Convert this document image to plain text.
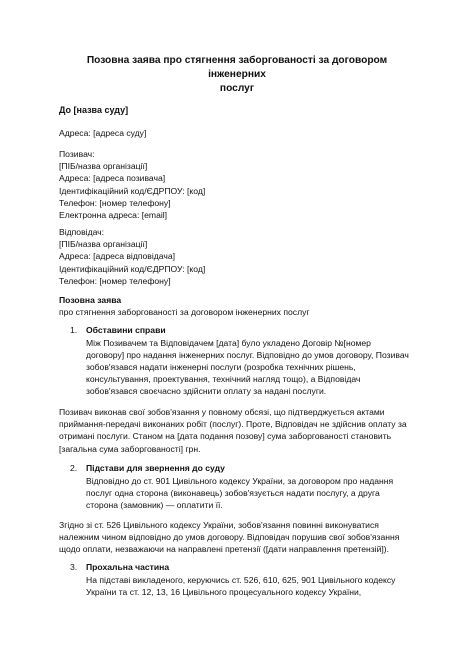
Позовна заява про стягнення заборгованості за договором інженерних
послуг
До [назва суду]
Адреса: [адреса суду]
Позивач:
[ПІБ/назва організації]
Адреса: [адреса позивача]
Ідентифікаційний код/ЄДРПОУ: [код]
Телефон: [номер телефону]
Електронна адреса: [email]
Відповідач:
[ПІБ/назва організації]
Адреса: [адреса відповідача]
Ідентифікаційний код/ЄДРПОУ: [код]
Телефон: [номер телефону]
Позовна заява
про стягнення заборгованості за договором інженерних послуг
1. Обставини справи
Між Позивачем та Відповідачем [дата] було укладено Договір №[номер
договору] про надання інженерних послуг. Відповідно до умов договору, Позивач
зобов'язався надати інженерні послуги (розробка технічних рішень,
консультування, проектування, технічний нагляд тощо), а Відповідач
зобов'язався своєчасно здійснити оплату за надані послуги.
Позивач виконав свої зобов'язання у повному обсязі, що підтверджується актами
приймання-передачі виконаних робіт (послуг). Проте, Відповідач не здійснив оплату за
отримані послуги. Станом на [дата подання позову] сума заборгованості становить
[загальна сума заборгованості] грн.
2. Підстави для звернення до суду
Відповідно до ст. 901 Цивільного кодексу України, за договором про надання
послуг одна сторона (виконавець) зобов'язується надати послугу, а друга
сторона (замовник) — оплатити її.
Згідно зі ст. 526 Цивільного кодексу України, зобов'язання повинні виконуватися
належним чином відповідно до умов договору. Відповідач порушив свої зобов'язання
щодо оплати, незважаючи на направлені претензії ([дати направлення претензій]).
3. Прохальна частина
На підставі викладеного, керуючись ст. 526, 610, 625, 901 Цивільного кодексу
України та ст. 12, 13, 16 Цивільного процесуального кодексу України,
